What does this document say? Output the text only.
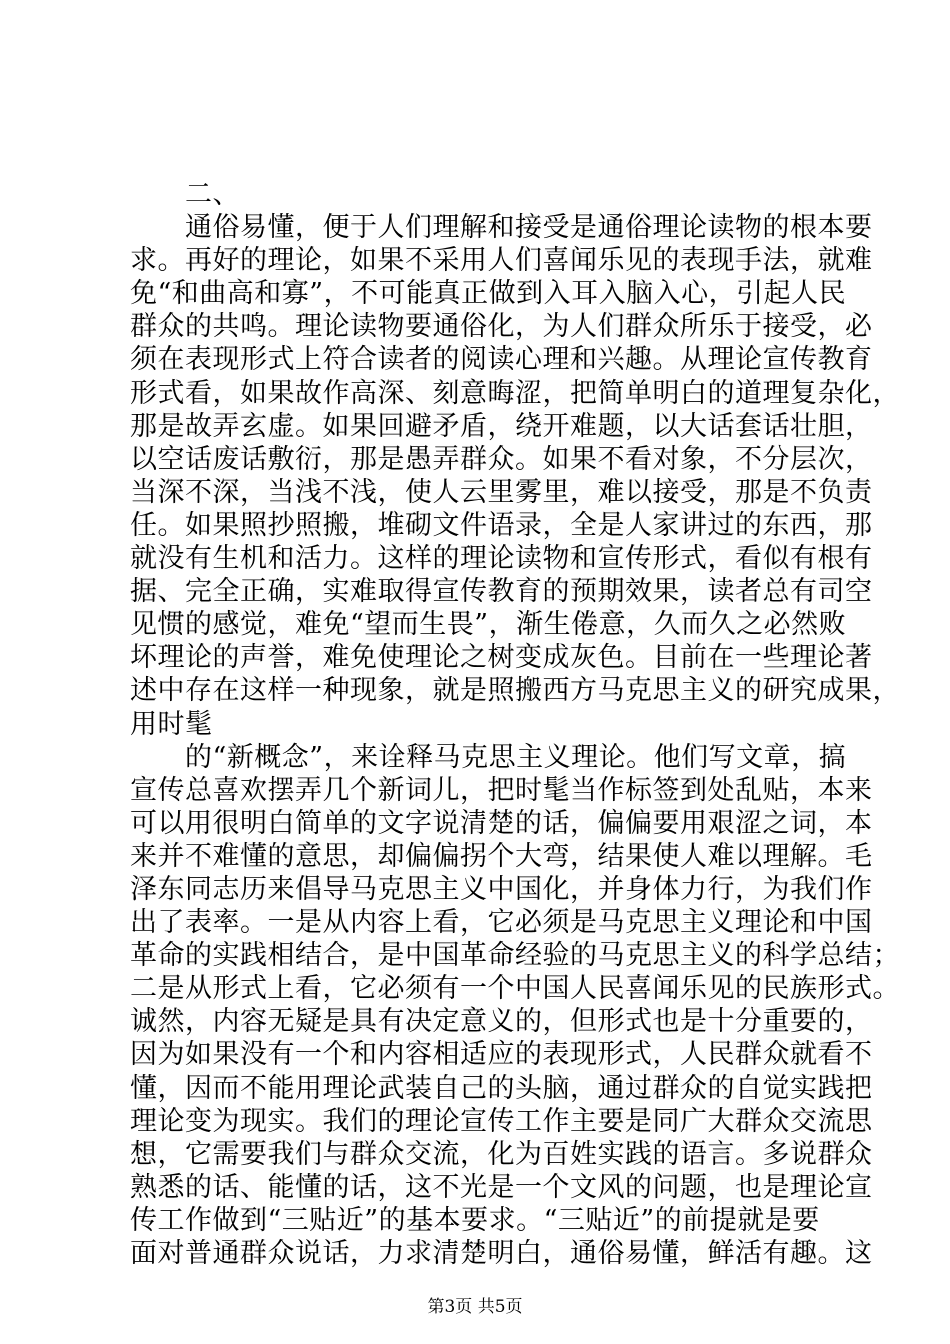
二、
通俗易懂，便于人们理解和接受是通俗理论读物的根本要
求。再好的理论，如果不采用人们喜闻乐见的表现手法，就难
免“和曲高和寡”，不可能真正做到入耳入脑入心，引起人民
群众的共鸣。理论读物要通俗化，为人们群众所乐于接受，必
须在表现形式上符合读者的阅读心理和兴趣。从理论宣传教育
形式看，如果故作高深、刻意晦涩，把简单明白的道理复杂化，
那是故弄玄虚。如果回避矛盾，绕开难题，以大话套话壮胆，
以空话废话敷衍，那是愚弄群众。如果不看对象，不分层次，
当深不深，当浅不浅，使人云里雾里，难以接受，那是不负责
任。如果照抄照搬，堆砌文件语录，全是人家讲过的东西，那
就没有生机和活力。这样的理论读物和宣传形式，看似有根有
据、完全正确，实难取得宣传教育的预期效果，读者总有司空
见惯的感觉，难免“望而生畏”，渐生倦意，久而久之必然败
坏理论的声誉，难免使理论之树变成灰色。目前在一些理论著
述中存在这样一种现象，就是照搬西方马克思主义的研究成果，
用时髦
的“新概念”，来诠释马克思主义理论。他们写文章，搞
宣传总喜欢摆弄几个新词儿，把时髦当作标签到处乱贴，本来
可以用很明白简单的文字说清楚的话，偏偏要用艰涩之词，本
来并不难懂的意思，却偏偏拐个大弯，结果使人难以理解。毛
泽东同志历来倡导马克思主义中国化，并身体力行，为我们作
出了表率。一是从内容上看，它必须是马克思主义理论和中国
革命的实践相结合，是中国革命经验的马克思主义的科学总结；
二是从形式上看，它必须有一个中国人民喜闻乐见的民族形式。
诚然，内容无疑是具有决定意义的，但形式也是十分重要的，
因为如果没有一个和内容相适应的表现形式，人民群众就看不
懂，因而不能用理论武装自己的头脑，通过群众的自觉实践把
理论变为现实。我们的理论宣传工作主要是同广大群众交流思
想，它需要我们与群众交流，化为百姓实践的语言。多说群众
熟悉的话、能懂的话，这不光是一个文风的问题，也是理论宣
传工作做到“三贴近”的基本要求。“三贴近”的前提就是要
面对普通群众说话，力求清楚明白，通俗易懂，鲜活有趣。这
第3页 共5页
